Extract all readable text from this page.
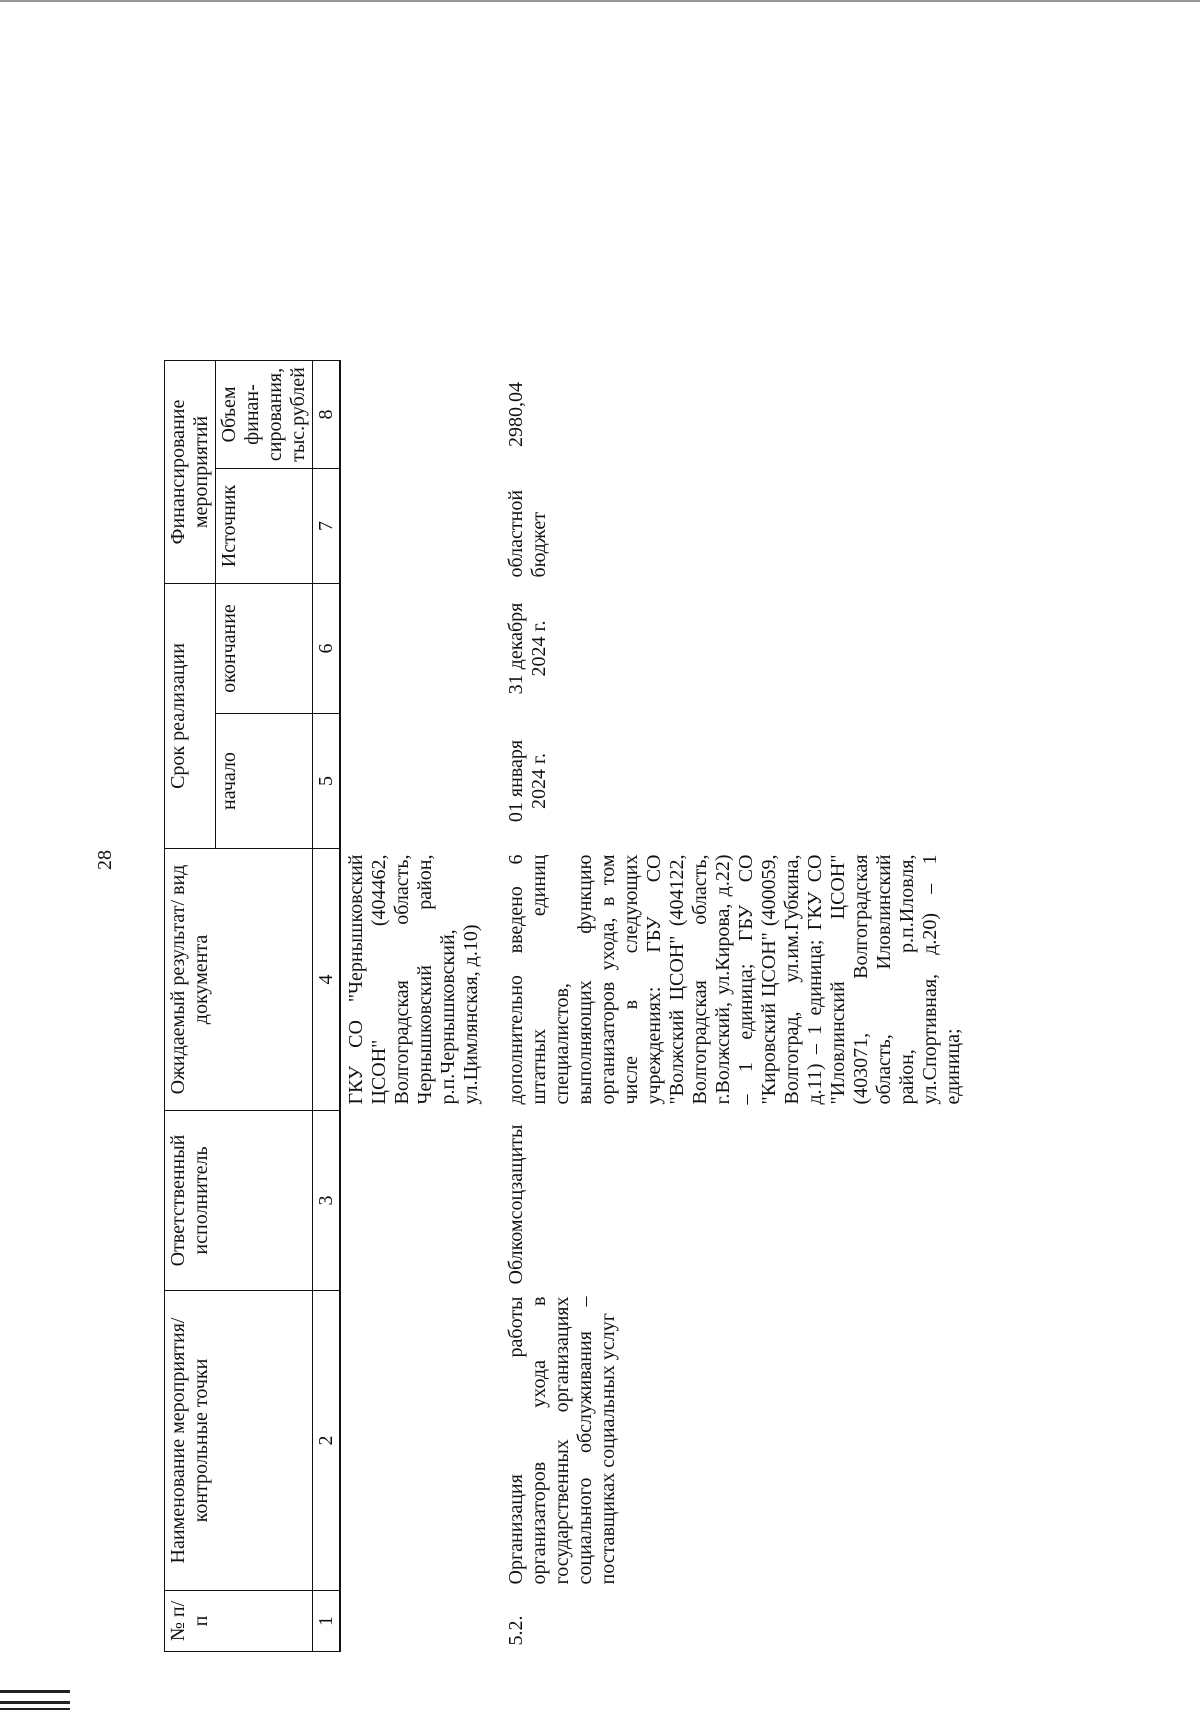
28
№ п/п	Наименование мероприятия/ контрольные точки	Ответственный исполнитель	Ожидаемый результат/ вид документа	Срок реализации		Финансирование мероприятий	
				начало	окончание	Источник	Объем финан-сирования, тыс.рублей
1	2	3	4	5	6	7	8
			ГКУ СО "Чернышковский ЦСОН" (404462, Волгоградская область, Чернышковский район, р.п.Чернышковский, ул.Цимлянская, д.10)				
5.2.	Организация работы организаторов ухода в государственных организациях социального обслуживания – поставщиках социальных услуг	Облкомсоцзащиты	дополнительно введено 6 штатных единиц специалистов, выполняющих функцию организаторов ухода, в том числе в следующих учреждениях: ГБУ СО "Волжский ЦСОН" (404122, Волгоградская область, г.Волжский, ул.Кирова, д.22) – 1 единица; ГБУ СО "Кировский ЦСОН" (400059, Волгоград, ул.им.Губкина, д.11) – 1 единица; ГКУ СО "Иловлинский ЦСОН" (403071, Волгоградская область, Иловлинский район, р.п.Иловля, ул.Спортивная, д.20) – 1 единица;	01 января 2024 г.	31 декабря 2024 г.	областной бюджет	2980,04
